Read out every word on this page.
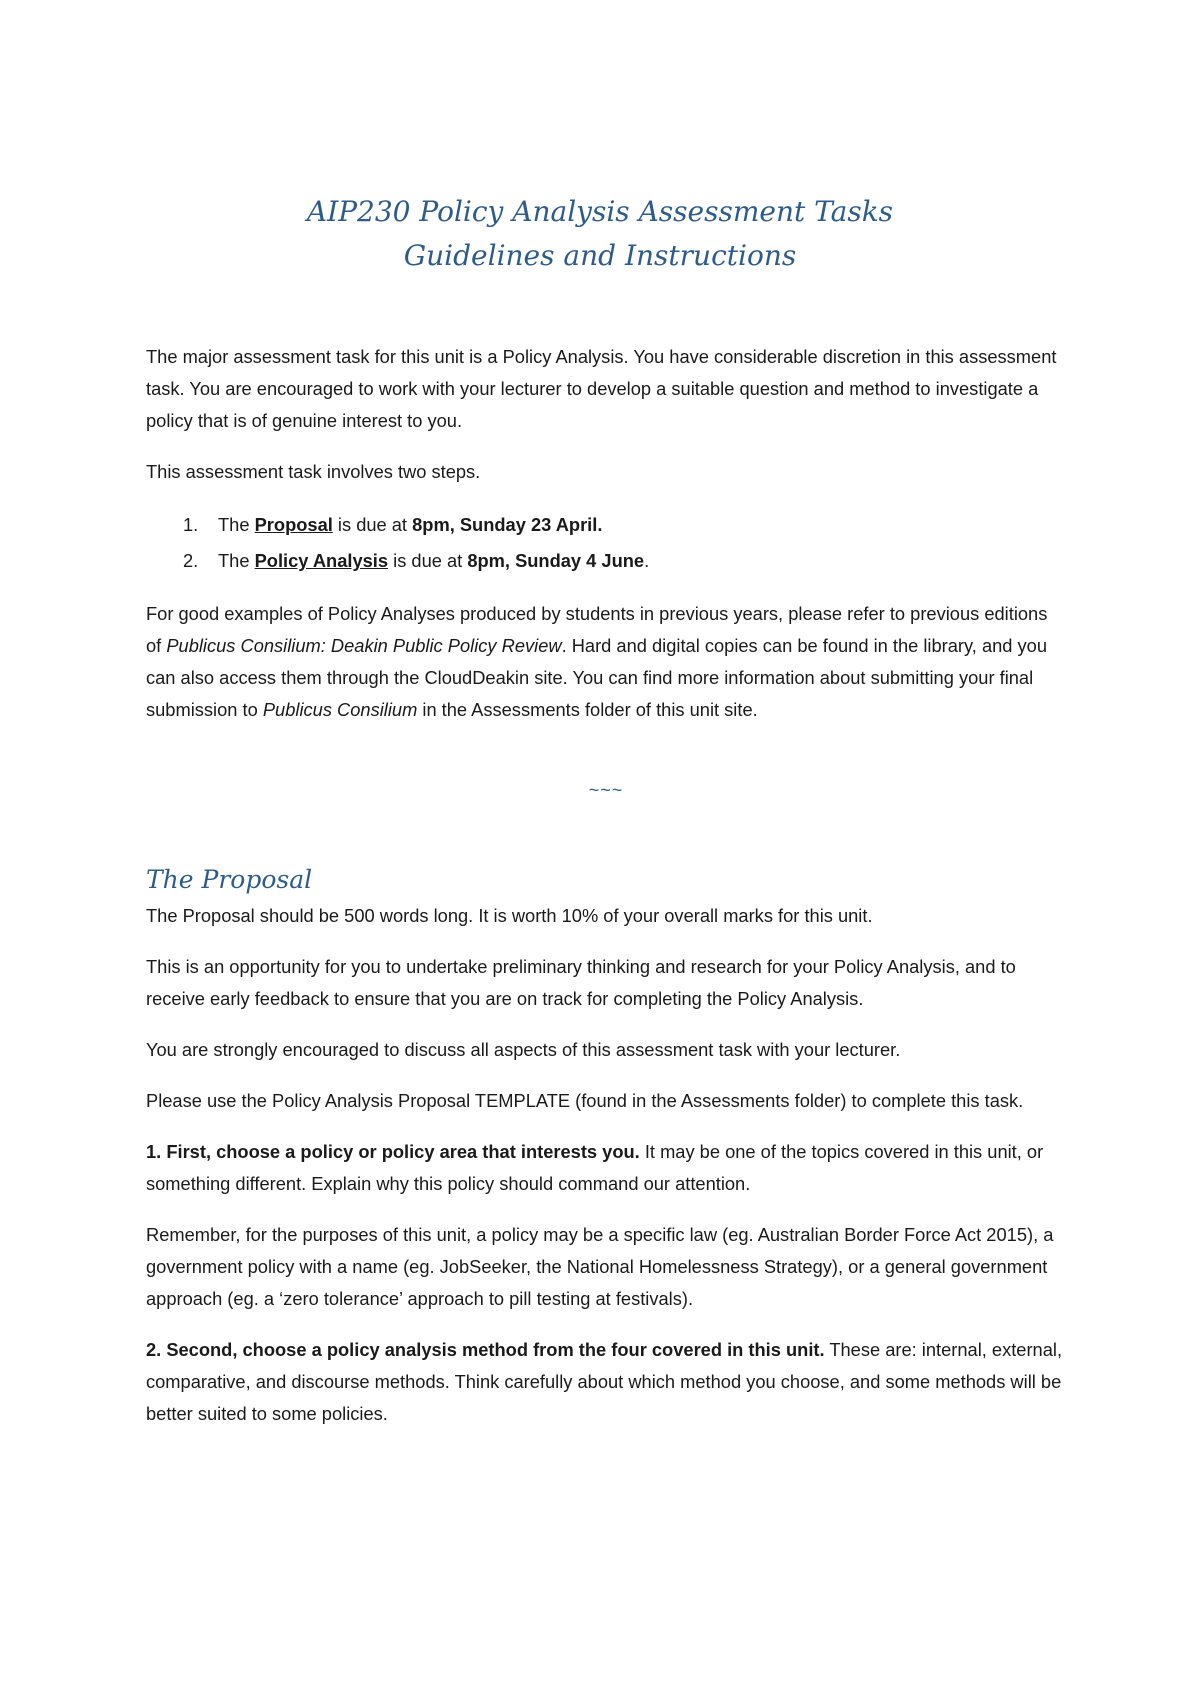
AIP230 Policy Analysis Assessment Tasks
Guidelines and Instructions

The major assessment task for this unit is a Policy Analysis. You have considerable discretion in this assessment task. You are encouraged to work with your lecturer to develop a suitable question and method to investigate a policy that is of genuine interest to you.

This assessment task involves two steps.

1. The Proposal is due at 8pm, Sunday 23 April.
2. The Policy Analysis is due at 8pm, Sunday 4 June.

For good examples of Policy Analyses produced by students in previous years, please refer to previous editions of Publicus Consilium: Deakin Public Policy Review. Hard and digital copies can be found in the library, and you can also access them through the CloudDeakin site. You can find more information about submitting your final submission to Publicus Consilium in the Assessments folder of this unit site.

~~~
The Proposal

The Proposal should be 500 words long. It is worth 10% of your overall marks for this unit.

This is an opportunity for you to undertake preliminary thinking and research for your Policy Analysis, and to receive early feedback to ensure that you are on track for completing the Policy Analysis.

You are strongly encouraged to discuss all aspects of this assessment task with your lecturer.

Please use the Policy Analysis Proposal TEMPLATE (found in the Assessments folder) to complete this task.

1. First, choose a policy or policy area that interests you. It may be one of the topics covered in this unit, or something different. Explain why this policy should command our attention.

Remember, for the purposes of this unit, a policy may be a specific law (eg. Australian Border Force Act 2015), a government policy with a name (eg. JobSeeker, the National Homelessness Strategy), or a general government approach (eg. a ‘zero tolerance’ approach to pill testing at festivals).

2. Second, choose a policy analysis method from the four covered in this unit. These are: internal, external, comparative, and discourse methods. Think carefully about which method you choose, and some methods will be better suited to some policies.
